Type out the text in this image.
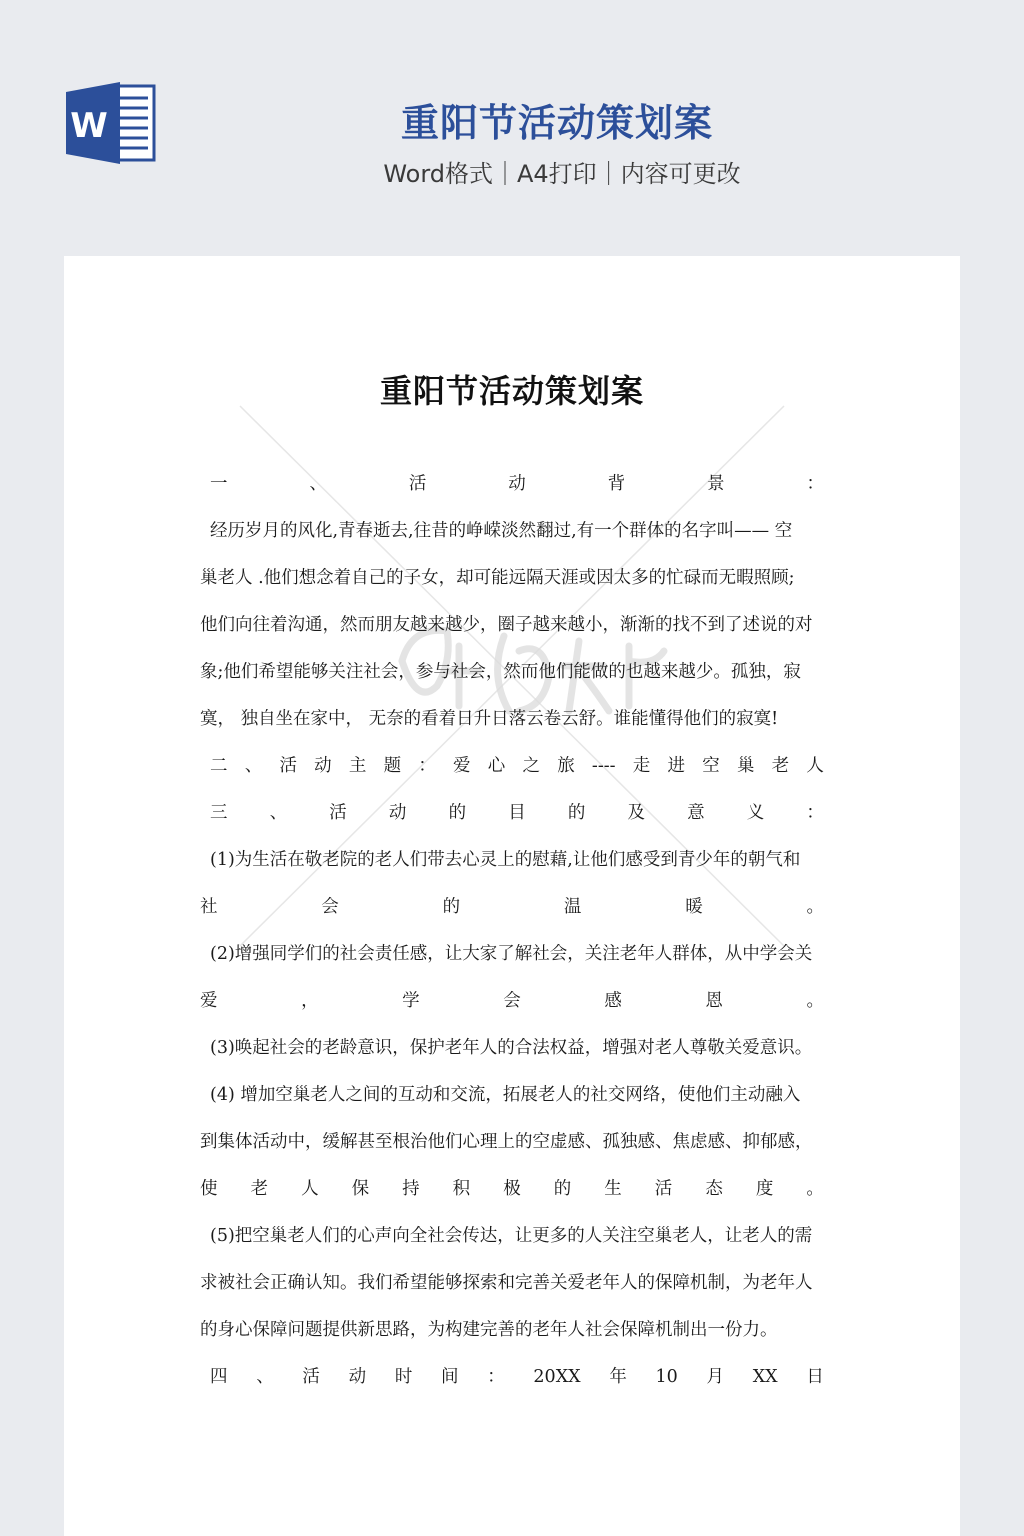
W	重阳节活动策划案
Word格式｜A4打印｜内容可更改
重阳节活动策划案
一	、	活	动	背	景	：
经历岁月的风化,青春逝去,往昔的峥嵘淡然翻过,有一个群体的名字叫—— 空
巢老人 .他们想念着自己的子女，却可能远隔天涯或因太多的忙碌而无暇照顾;
他们向往着沟通，然而朋友越来越少，圈子越来越小，渐渐的找不到了述说的对
象;他们希望能够关注社会，参与社会，然而他们能做的也越来越少。孤独，寂
寞， 独自坐在家中， 无奈的看着日升日落云卷云舒。谁能懂得他们的寂寞!
二 、 活 动 主 题 ： 爱 心 之 旅 ---- 走 进 空 巢 老 人
三 、 活 动 的 目 的 及 意 义 ：
(1)为生活在敬老院的老人们带去心灵上的慰藉,让他们感受到青少年的朝气和
社	会	的	温	暖	。
(2)增强同学们的社会责任感，让大家了解社会，关注老年人群体，从中学会关
爱	，	学	会	感	恩	。
(3)唤起社会的老龄意识，保护老年人的合法权益，增强对老人尊敬关爱意识。
(4) 增加空巢老人之间的互动和交流，拓展老人的社交网络，使他们主动融入
到集体活动中，缓解甚至根治他们心理上的空虚感、孤独感、焦虑感、抑郁感，
使 老 人 保 持 积 极 的 生 活 态 度 。
(5)把空巢老人们的心声向全社会传达，让更多的人关注空巢老人，让老人的需
求被社会正确认知。我们希望能够探索和完善关爱老年人的保障机制，为老年人
的身心保障问题提供新思路，为构建完善的老年人社会保障机制出一份力。
四 、 活 动 时 间 ： 20XX 年 10 月 XX 日
